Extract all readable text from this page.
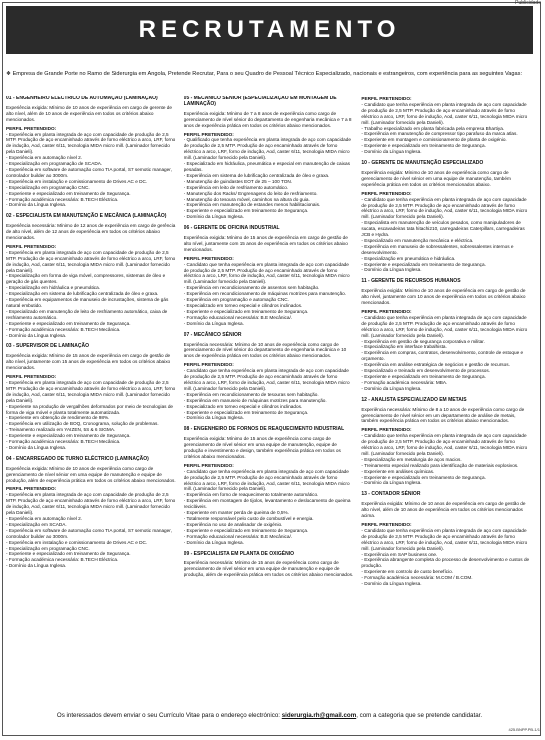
Publicidade
RECRUTAMENTO
❖ Empresa de Grande Porte no Ramo de Siderurgia em Angola, Pretende Recrutar, Para o seu Quadro de Pessoal Técnico Especializado, nacionais e estrangeiros, com experiência para as seguintes Vagas:
01 - ENGENHEIRO ELÉCTRICO DE AUTOMAÇÃO (LAMINAÇÃO)
Experiência exigida: Mínimo de 10 anos de experiência em cargo de gerente de alto nível, além de 10 anos de experiência em todos os critérios abaixo mencionados.
PERFIL PRETENDIDO:
- Experiência em planta integrada de aço com capacidade de produção de 2,5 MTP. Produção de aço encaminhado através de forno eléctrico a arco, LRF, forno de indução, Aod, caster 6/11, tecnologia MIDA micro mill. (Laminador fornecido pela Danieli).
- Experiência em automação nível 2.
- Especialização em programação de SCADA.
- Experiência em software de automação como TIA portal, S7 semotic manager, controlador builder ao 3000m.
- Experiência em instalação e comissionamento de Drives AC e DC.
- Especialização em programação CNC.
- Experiente e especializado em treinamento de Segurança.
- Formação académica necessária: B.TECH Eléctrica.
- Domínio da Língua Inglesa.
02 - ESPECIALISTA EM MANUTENÇÃO E MECÂNICA (LAMINAÇÃO)
Experiência necessária: Mínimo de 12 anos de experiência em cargo de gerência de alto nível, além de 12 anos de experiência em todos os critérios abaixo mencionados.
PERFIL PRETENDIDO:
- Experiência em planta integrada de aço com capacidade de produção de 2,5 MTP. Produção de aço encaminhado através de forno eléctrico a arco, LRF, forno de indução, Aod, caster 6/11, tecnologia MIDA micro mill. (Laminador fornecido pela Danieli).
- Especialização em forma de viga móvel, compressores, sistemas de óleo e geração de gás quentes.
- Especialização em hidráulica e pneumática.
- Especialização em sistema de lubrificação centralizada de óleo e graxa.
- Experiência em equipamentos de manuseio de incrustações, sistema de gás natural embutido.
- Especializado em manutenção de leito de resfriamento automático, caixa de resfriamento automático.
- Experiente e especializado em treinamento de Segurança.
- Formação académica necessária: B.TECH Mecânica.
- Domínio da Língua Inglesa.
03 - SUPERVISOR DE LAMINAÇÃO
Experiência exigida: Mínimo de 15 anos de experiência em cargo de gestão de alto nível, juntamente com 15 anos de experiência em todos os critérios abaixo mencionados.
PERFIL PRETENDIDO:
- Experiência em planta integrada de aço com capacidade de produção de 2,5 MTP. Produção de aço encaminhado através de forno eléctrico a arco, LRF, forno de indução, Aod, caster 6/11, tecnologia MIDA micro mill. (Laminador fornecido pela Danieli).
- Experiente na produção de vergalhões deformados por meio de tecnologias de forma de viga móvel e planta totalmente automatizada.
- Experiente em obtenção de rendimento de 98%.
- Experiência em utilização de BOQ, Cronograma, solução de problemas.
- Treinamento realizado em YAIZEN, 5S & 6 SIGMA.
- Experiente e especializado em treinamento de Segurança.
- Formação académica necessária: B.TECH Mecânica.
- Domínio da Língua Inglesa.
04 - ENCARREGADO DE TURNO ELÉCTRICO (LAMINAÇÃO)
Experiência exigida: Mínimo de 10 anos de experiência como cargo de gerenciamento de nível sénior em uma equipe de manutenção e equipe de produção, além de experiência prática em todos os critérios abaixo mencionados.
PERFIL PRETENDIDO:
- Experiência em planta integrada de aço com capacidade de produção de 2,5 MTP. Produção de aço encaminhado através de forno eléctrico a arco, LRF, forno de indução, Aod, caster 6/11, tecnologia MIDA micro mill. (Laminador fornecido pela Danieli).
- Experiência em automação nível 2.
- Especialização em SCADA.
- Experiência em software de automação como TIA portal, S7 semotic manager, controlador builder ao 3000m.
- Experiência em instalação e comissionamento de Drives AC e DC.
- Especialização em programação CNC.
- Experiente e especializado em treinamento de Segurança.
- Formação académica necessária: B.TECH Eléctrica.
- Domínio da Língua Inglesa.
05 - MECÂNICO SÉNIOR (ESPECIALIZAÇÃO EM MONTAGEM DE LAMINAÇÃO)
Experiência exigida: Mínimo de 7 a 8 anos de experiência como cargo de gerenciamento de nível sénior do departamento de engenharia mecânica e 7 a 8 anos de experiência prática em todos os critérios abaixo mencionados.
PERFIL PRETENDIDO:
- Qualificado que tenha experiência em planta integrada de aço com capacidade de produção de 2,5 MTP. Produção de aço encaminhado através de forno eléctrico a arco, LRF, forno de indução, Aod, caster 6/11, tecnologia MIDA micro mill. (Laminador fornecido pela Danieli).
- Especializado em hidráulica, pneumática e especial em manutenção de caixas pesadas.
- Experiência em sistema de lubrificação centralizada de óleo e graxa.
- Manutenção de guindastes EOT de 25 – 100 TON.
- Experiência em leito de resfriamento automático.
- Manutenção dos Racks/ Engrenagens do leito de resfriamento.
- Manutenção do tesoura móvel, caminhos na altura do guia.
- Experiência em manutenção de estandes menos habilitacionais.
- Experiente e especializado em treinamento de Segurança.
- Domínio da Língua Inglesa.
06 - GERENTE DE OFICINA INDUSTRIAL
Experiência exigida: Mínimo de 15 anos de experiência em cargo de gestão de alto nível, juntamente com 15 anos de experiência em todos os critérios abaixo mencionados.
PERFIL PRETENDIDO:
- Candidato que tenha experiência em planta integrada de aço com capacidade de produção de 2,5 MTP. Produção de aço encaminhado através de forno eléctrico a arco, LRF, forno de indução, Aod, caster 6/11, tecnologia MIDA micro mill. (Laminador fornecido pela Danieli).
- Experiência em recondicionamento de assentos sem habitação.
- Experiência em recondicionamento de máquinas motrizes para manutenção.
- Experiência em programação e automação CNC.
- Especializado em torneo especial e cilindros inclinados.
- Experiente e especializado em treinamento de Segurança.
- Formação educacional necessária: B.E Mecânica/.
- Domínio da Língua Inglesa.
07 - MECÂNICO SÉNIOR
Experiência necessária: Mínimo de 10 anos de experiência como cargo de gerenciamento de nível sénior do departamento de engenharia mecânica e 10 anos de experiência prática em todos os critérios abaixo mencionados.
PERFIL PRETENDIDO:
- Candidato que tenha experiência em planta integrada de aço com capacidade de produção de 2,5 MTP. Produção de aço encaminhado através de forno eléctrico a arco, LRF, forno de indução, Aod, caster 6/11, tecnologia MIDA micro mill. (Laminador fornecido pela Danieli).
- Experiência em recondicionamento de tesouras sem habitação.
- Experiência em manuseio de máquinas motrizes para manutenção.
- Especializado em torneo especial e cilindros inclinados.
- Experiente e especializado em treinamento de Segurança.
- Domínio da Língua Inglesa.
08 - ENGENHEIRO DE FORNOS DE REAQUECIMENTO INDUSTRIAL
Experiência exigida: Mínimo de 15 anos de experiência como cargo de gerenciamento de nível sénior em uma equipe de manutenção, equipe de produção e investimento e design, também experiência prática em todos os critérios abaixo mencionados.
PERFIL PRETENDIDO:
- Candidato que tenha experiência em planta integrada de aço com capacidade de produção de 2,5 MTP. Produção de aço encaminhado através de forno eléctrico a arco, LRF, forno de indução, Aod, caster 6/11, tecnologia MIDA micro mill. (Laminador fornecido pela Danieli).
- Experiência em forno de reaquecimento totalmente automático.
- Experiência em montagem de tijolos, levantamento e deslocamento de queima recicláveis.
- Experiente em manter perda de queima de 0,5%.
- Totalmente responsável pelo custo de combustível e energia.
- Experiência no uso de analisador de oxigénio.
- Experiente e especializado em treinamento de Segurança.
- Formação educacional necessária: B.E Mecânica/.
- Domínio da Língua Inglesa.
09 - ESPECIALISTA EM PLANTA DE OXIGÉNIO
Experiência necessária: Mínimo de 15 anos de experiência como cargo de gerenciamento de nível sénior em uma equipe de manutenção e equipe de produção, além de experiência prática em todos os critérios abaixo mencionados.
PERFIL PRETENDIDO:
- Candidato que tenha experiência em planta integrada de aço com capacidade de produção de 2,5 MTP. Produção de aço encaminhado através de forno eléctrico a arco, LRF, forno de indução, Aod, caster 6/11, tecnologia MIDA micro mill. (Laminador fornecido pela Danieli).
- Trabalho especializado em planta fabricada pela empresa Bhartiya.
- Experiência em manutenção de compressor tipo parafuso da marca atlas.
- Experiente em montagem e comissionamento de planta de oxigénio.
- Experiente e especializado em treinamento de Segurança.
- Domínio da Língua Inglesa.
10 - GERENTE DE MANUTENÇÃO ESPECIALIZADO
Experiência exigida: Mínimo de 10 anos de experiência como cargo de gerenciamento de nível sénior em uma equipe de manutenção, também experiência prática em todos os critérios mencionados abaixo.
PERFIL PRETENDIDO:
- Candidato que tenha experiência em planta integrada de aço com capacidade de produção de 2,5 MTP. Produção de aço encaminhado através de forno eléctrico a arco, LRF, forno de indução, Aod, caster 6/11, tecnologia MIDA micro mill. (Laminador fornecido pela Danieli).
- Especialista em manutenção de veículos pesados, como manipuladores de sucata, escavadeiras tata hitachi210, carregadeiras Caterpillars, carregadeiras JCB e Hydra.
- Especializado em manutenção mecânica e eléctrica.
- Experiência em manuseio de sobressalentes, sobressalentes internos e desenvolvimento.
- Especialização em pneumática e hidráulica.
- Experiente e especializado em treinamento de Segurança.
- Domínio da Língua Inglesa.
11 - GERENTE DE RECURSOS HUMANOS
Experiência exigida: Mínimo de 10 anos de experiência em cargo de gestão de alto nível, juntamente com 10 anos de experiência em todos os critérios abaixo mencionados.
PERFIL PRETENDIDO:
- Candidato que tenha experiência em planta integrada de aço com capacidade de produção de 2,5 MTP. Produção de aço encaminhado através de forno eléctrico a arco, LRF, forno de indução, Aod, caster 6/11, tecnologia MIDA micro mill. (Laminador fornecido pela Danieli).
- Experiência em gestão de segurança corporativa e militar.
- Especialização em interface trabalhista.
- Experiência em compras, contratos, desenvolvimento, controle de estoque e orçamento.
- Experiência em análise estratégica de negócios e gestão de recursos.
- Especializado e treinado em desenvolvimento de processos.
- Experiente e especializado em treinamento de Segurança.
- Formação académica necessária: MBA.
- Domínio da Língua Inglesa.
12 - ANALISTA ESPECIALIZADO EM METAIS
Experiência necessária: Mínimo de 8 a 10 anos de experiência como cargo de gerenciamento de nível sénior em um departamento de análise de metais, também experiência prática em todos os critérios abaixo mencionados.
PERFIL PRETENDIDO:
- Candidato que tenha experiência em planta integrada de aço com capacidade de produção de 2,5 MTP. Produção de aço encaminhado através de forno eléctrico a arco, LRF, forno de indução, Aod, caster 6/11, tecnologia MIDA micro mill. (Laminador fornecido pela Danieli).
- Especialização em metalurgia de aços macios.
- Treinamento especial realizado para identificação de materiais explosivos.
- Experiente em análises químicas.
- Experiente e especializado em treinamento de Segurança.
- Domínio da Língua Inglesa.
13 - CONTADOR SÉNIOR
Experiência exigida: Mínimo de 10 anos de experiência em cargo de gestão de alto nível, além de 10 anos de experiência em todos os critérios mencionados acima.
PERFIL PRETENDIDO:
- Candidato que tenha experiência em planta integrada de aço com capacidade de produção de 2,5 MTP. Produção de aço encaminhado através de forno eléctrico a arco, LRF, forno de indução, Aod, caster 6/11, tecnologia MIDA micro mill. (Laminador fornecido pela Danieli).
- Experiência em SAP business one.
- Experiência abrangente completa do processo de desenvolvimento e custos de produção.
- Experiente em controlo de custo benefício.
- Formação académica necessária: M.COM / B.COM.
- Domínio da Língua Inglesa.
Os interessados devem enviar o seu Currículo Vitae para o endereço electrónico: siderurgia.rh@gmail.com, com a categoria que se pretende candidatar.
425.BNPP.PB-1/1
